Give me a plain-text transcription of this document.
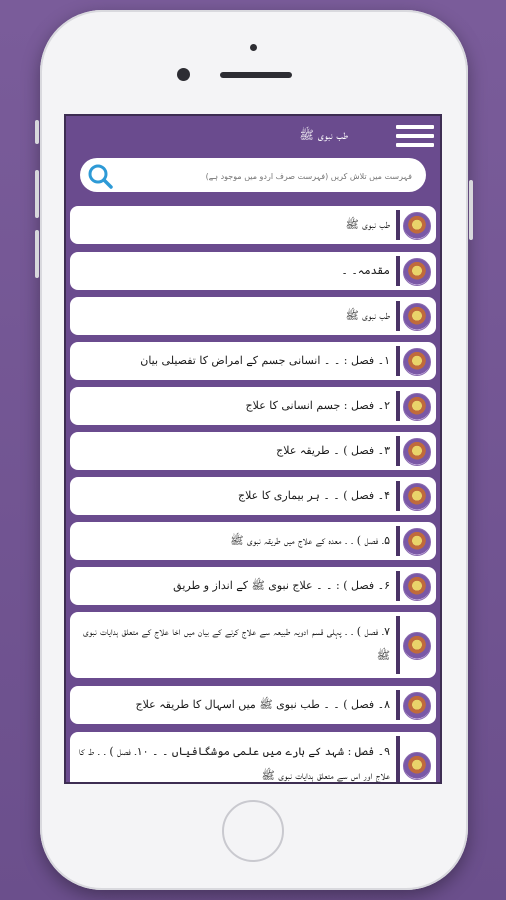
طب نبوی ﷺ
فہرست میں تلاش کریں (فہرست صرف اردو میں موجود ہے)
طب نبوی ﷺ
مقدمہ۔ ۔
طب نبوی ﷺ
۱۔ فصل : ۔ ۔ انسانی جسم کے امراض کا تفصیلی بیان
۲۔ فصل : جسم انسانی کا علاج
۳۔ فصل ) ۔ طریقہ علاج
۴۔ فصل ) ۔ ۔ ہر بیماری کا علاج
۵۔ فصل ) ۔ ۔ معدہ کے علاج میں طریقہ نبوی ﷺ
۶۔ فصل ) : ۔ ۔ علاج نبوی ﷺ کے انداز و طریق
۷۔ فصل ) ۔ ۔ پہلی قسم ادویہ طبیعہ سے علاج کرنے کے بیان میں اخا علاج کے متعلق ہدایات نبوی ﷺ
۸۔ فصل ) ۔ ۔ طب نبوی ﷺ میں اسہال کا طریقہ علاج
۹۔ فصل : شہد کے بارے میں علمی موشگافیاں ۔ ۔ ۱۰۔ فصل ) ۔ ۔ ط کا علاج اور اس سے متعلق ہدایات نبوی ﷺ
